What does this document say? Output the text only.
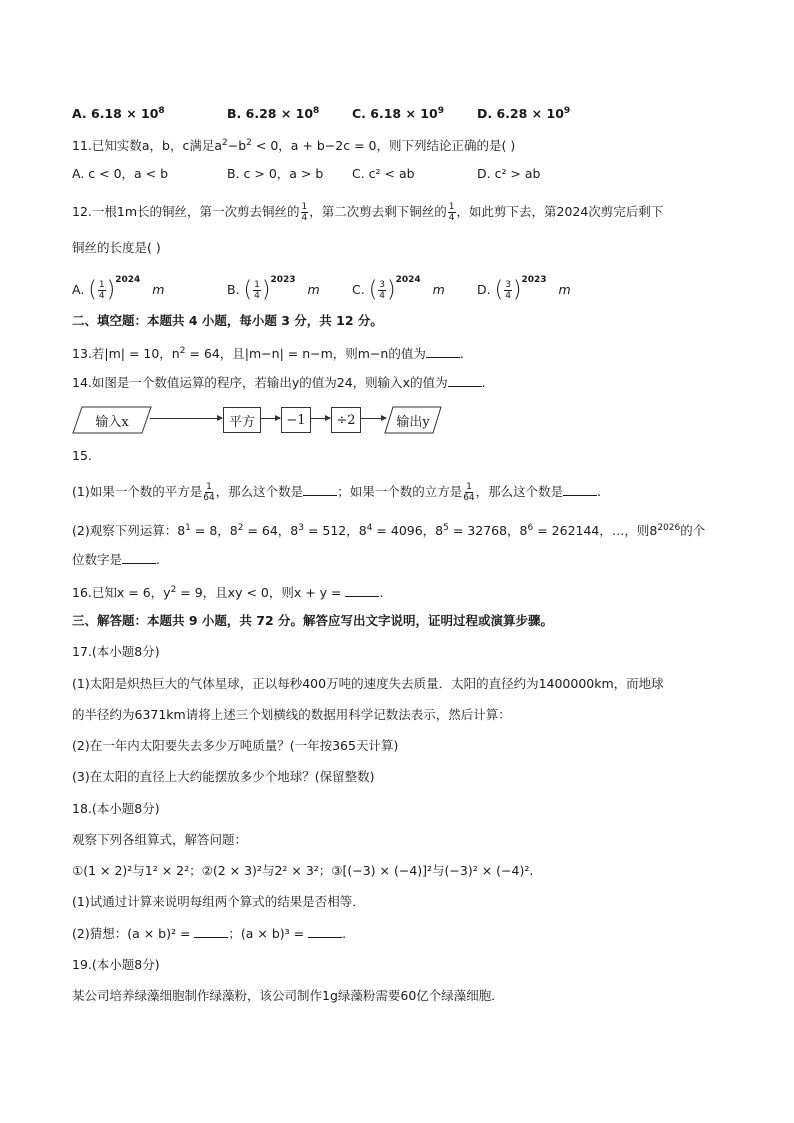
A. $6.18 \times 10^8$	B. $6.28 \times 10^8$	C. $6.18 \times 10^9$	D. $6.28 \times 10^9$
11.已知实数a，b，c满足$a^2-b^2 < 0$，a + b−2c = 0，则下列结论正确的是( )
A. c < 0，a < b	B. c > 0，a > b C. c² < ab	D. c² > ab
12.一根1m长的铜丝，第一次剪去铜丝的 $\frac{1}{4}$ ，第二次剪去剩下铜丝的 $\frac{1}{4}$ ，如此剪下去，第2024次剪完后剩下
铜丝的长度是( )
A. ( $\frac{1}{4} )^{2024}$   m	B. ( $\frac{1}{4} )^{2023}$   m	C. ( $\frac{3}{4} )^{2024}$   m	D. ( $\frac{3}{4} )^{2023}$   m
二、填空题：本题共 4 小题，每小题 3 分，共 12 分。
13.若|m| = 10，$n^2 = 64$，且|m−n| = n−m，则m−n的值为	.
14.如图是一个数值运算的程序，若输出y的值为24，则输入x的值为	.
输入x	平方	−1	÷2	输出y
15.
(1)如果一个数的平方是 $\frac{1}{64}$ ，那么这个数是	；如果一个数的立方是 $\frac{1}{64}$ ，那么这个数是	.
(2)观察下列运算：$8^1 = 8$，$8^2 = 64$，$8^3 = 512$，$8^4 = 4096$，$8^5 = 32768$，$8^6 = 262144$，…，则$8^{2026}$的个
位数字是	.
16.已知x = 6，$y^2 = 9$，且xy < 0，则x + y =	.
三、解答题：本题共 9 小题，共 72 分。解答应写出文字说明，证明过程或演算步骤。
17.(本小题8分)
(1)太阳是炽热巨大的气体星球，正以每秒400万吨的速度失去质量．太阳的直径约为1400000km，而地球
的半径约为6371km请将上述三个划横线的数据用科学记数法表示，然后计算：
(2)在一年内太阳要失去多少万吨质量？(一年按365天计算)
(3)在太阳的直径上大约能摆放多少个地球？(保留整数)
18.(本小题8分)
观察下列各组算式，解答问题：
①(1 × 2)²与1² × 2²；②(2 × 3)²与2² × 3²；③[(−3) × (−4)]²与(−3)² × (−4)².
(1)试通过计算来说明每组两个算式的结果是否相等．
(2)猜想：(a × b)² =	；(a × b)³ =	.
19.(本小题8分)
某公司培养绿藻细胞制作绿藻粉，该公司制作1g绿藻粉需要60亿个绿藻细胞．
